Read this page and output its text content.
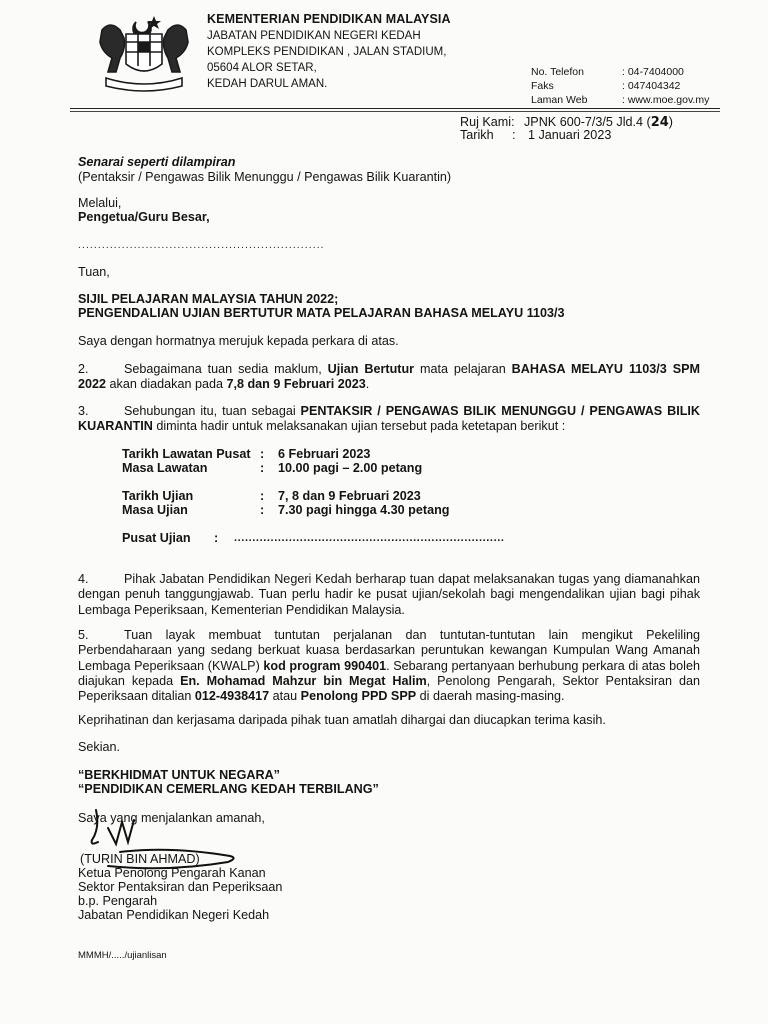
KEMENTERIAN PENDIDIKAN MALAYSIA
JABATAN PENDIDIKAN NEGERI KEDAH
KOMPLEKS PENDIDIKAN , JALAN STADIUM,
05604 ALOR SETAR,
KEDAH DARUL AMAN.
No. Telefon	: 04-7404000
Faks	: 047404342
Laman Web	: www.moe.gov.my
Ruj Kami: JPNK 600-7/3/5 Jld.4 (24)
Tarikh : 1 Januari 2023
Senarai seperti dilampiran
(Pentaksir / Pengawas Bilik Menunggu / Pengawas Bilik Kuarantin)
Melalui,
Pengetua/Guru Besar,
..............................................................
Tuan,
SIJIL PELAJARAN MALAYSIA TAHUN 2022;
PENGENDALIAN UJIAN BERTUTUR MATA PELAJARAN BAHASA MELAYU 1103/3
Saya dengan hormatnya merujuk kepada perkara di atas.
2.	Sebagaimana tuan sedia maklum, Ujian Bertutur mata pelajaran BAHASA MELAYU 1103/3 SPM 2022 akan diadakan pada 7,8 dan 9 Februari 2023.
3.	Sehubungan itu, tuan sebagai PENTAKSIR / PENGAWAS BILIK MENUNGGU / PENGAWAS BILIK KUARANTIN diminta hadir untuk melaksanakan ujian tersebut pada ketetapan berikut :
Tarikh Lawatan Pusat : 6 Februari 2023
Masa Lawatan	: 10.00 pagi – 2.00 petang
Tarikh Ujian	: 7, 8 dan 9 Februari 2023
Masa Ujian	: 7.30 pagi hingga 4.30 petang
Pusat Ujian : ..........................................................................
4.	Pihak Jabatan Pendidikan Negeri Kedah berharap tuan dapat melaksanakan tugas yang diamanahkan dengan penuh tanggungjawab. Tuan perlu hadir ke pusat ujian/sekolah bagi mengendalikan ujian bagi pihak Lembaga Peperiksaan, Kementerian Pendidikan Malaysia.
5.	Tuan layak membuat tuntutan perjalanan dan tuntutan-tuntutan lain mengikut Pekeliling Perbendaharaan yang sedang berkuat kuasa berdasarkan peruntukan kewangan Kumpulan Wang Amanah Lembaga Peperiksaan (KWALP) kod program 990401. Sebarang pertanyaan berhubung perkara di atas boleh diajukan kepada En. Mohamad Mahzur bin Megat Halim, Penolong Pengarah, Sektor Pentaksiran dan Peperiksaan ditalian 012-4938417 atau Penolong PPD SPP di daerah masing-masing.
Keprihatinan dan kerjasama daripada pihak tuan amatlah dihargai dan diucapkan terima kasih.
Sekian.
“BERKHIDMAT UNTUK NEGARA”
“PENDIDIKAN CEMERLANG KEDAH TERBILANG”
Saya yang menjalankan amanah,
(TURIN BIN AHMAD)
Ketua Penolong Pengarah Kanan
Sektor Pentaksiran dan Peperiksaan
b.p. Pengarah
Jabatan Pendidikan Negeri Kedah
MMMH/...../ujianlisan
